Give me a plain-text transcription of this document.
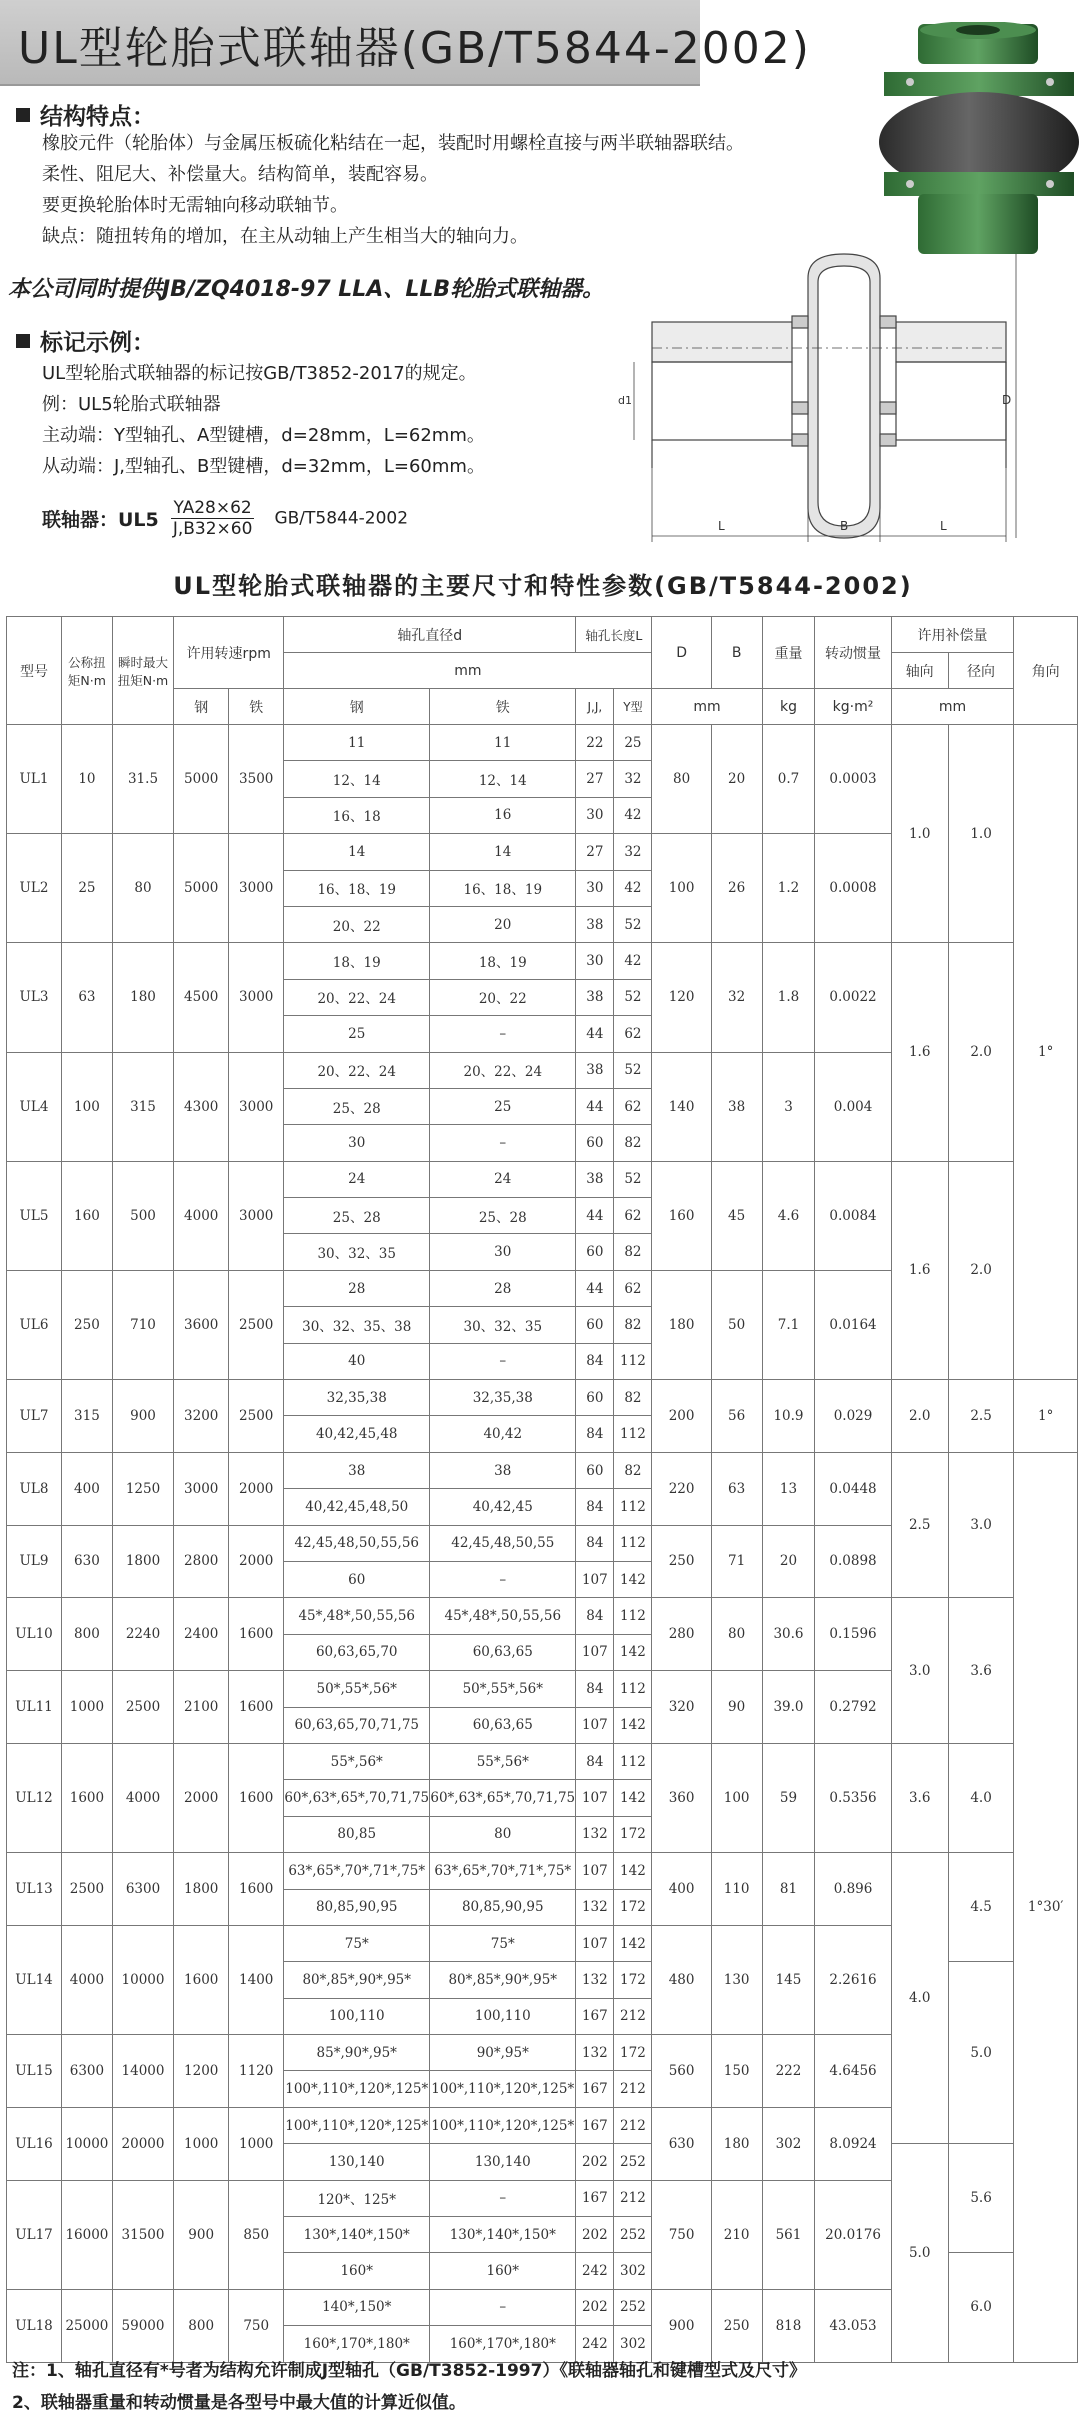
UL型轮胎式联轴器(GB/T5844-2002)
结构特点：
橡胶元件（轮胎体）与金属压板硫化粘结在一起，装配时用螺栓直接与两半联轴器联结。
柔性、阻尼大、补偿量大。结构简单，装配容易。
要更换轮胎体时无需轴向移动联轴节。
缺点：随扭转角的增加，在主从动轴上产生相当大的轴向力。
本公司同时提供JB/ZQ4018-97 LLA、LLB轮胎式联轴器。
标记示例：
UL型轮胎式联轴器的标记按GB/T3852-2017的规定。
例：UL5轮胎式联轴器
主动端：Y型轴孔、A型键槽，d=28mm，L=62mm。
从动端：J,型轴孔、B型键槽，d=32mm，L=60mm。
联轴器：$UL5 \frac{YA28\times 62}{J,B32\times 60} GB/T5844-2002$	L	B	L
d1	D
UL型轮胎式联轴器的主要尺寸和特性参数(GB/T5844-2002)
型号	公称扭矩N·m	瞬时最大扭矩N·m	许用转速rpm		轴孔直径d		轴孔长度L		D	B	重量	转动惯量	许用补偿量		角向
					mm								轴向	径向	
			钢	铁	钢	铁	J,J,	Y型	mm		kg	kg·m²	mm		
UL1	10	31.5	5000	3500	11	11	22	25	80	20	0.7	0.0003	1.0	1.0	1°
					12、14	12、14	27	32							
					16、18	16	30	42							
UL2	25	80	5000	3000	14	14	27	32	100	26	1.2	0.0008			
					16、18、19	16、18、19	30	42							
					20、22	20	38	52							
UL3	63	180	4500	3000	18、19	18、19	30	42	120	32	1.8	0.0022	1.6	2.0	
					20、22、24	20、22	38	52							
					25	–	44	62							
UL4	100	315	4300	3000	20、22、24	20、22、24	38	52	140	38	3	0.004			
					25、28	25	44	62							
					30	–	60	82							
UL5	160	500	4000	3000	24	24	38	52	160	45	4.6	0.0084	1.6	2.0	
					25、28	25、28	44	62							
					30、32、35	30	60	82							
UL6	250	710	3600	2500	28	28	44	62	180	50	7.1	0.0164			
					30、32、35、38	30、32、35	60	82							
					40	–	84	112							
UL7	315	900	3200	2500	32,35,38	32,35,38	60	82	200	56	10.9	0.029	2.0	2.5	1°
					40,42,45,48	40,42	84	112							
UL8	400	1250	3000	2000	38	38	60	82	220	63	13	0.0448	2.5	3.0	1°30′
					40,42,45,48,50	40,42,45	84	112							
UL9	630	1800	2800	2000	42,45,48,50,55,56	42,45,48,50,55	84	112	250	71	20	0.0898			
					60	–	107	142							
UL10	800	2240	2400	1600	45*,48*,50,55,56	45*,48*,50,55,56	84	112	280	80	30.6	0.1596	3.0	3.6	
					60,63,65,70	60,63,65	107	142							
UL11	1000	2500	2100	1600	50*,55*,56*	50*,55*,56*	84	112	320	90	39.0	0.2792			
					60,63,65,70,71,75	60,63,65	107	142							
UL12	1600	4000	2000	1600	55*,56*	55*,56*	84	112	360	100	59	0.5356	3.6	4.0	
					60*,63*,65*,70,71,75	60*,63*,65*,70,71,75	107	142							
					80,85	80	132	172							
UL13	2500	6300	1800	1600	63*,65*,70*,71*,75*	63*,65*,70*,71*,75*	107	142	400	110	81	0.896	4.0	4.5	
					80,85,90,95	80,85,90,95	132	172							
UL14	4000	10000	1600	1400	75*	75*	107	142	480	130	145	2.2616			
					80*,85*,90*,95*	80*,85*,90*,95*	132	172						5.0	
					100,110	100,110	167	212							
UL15	6300	14000	1200	1120	85*,90*,95*	90*,95*	132	172	560	150	222	4.6456			
					100*,110*,120*,125*	100*,110*,120*,125*	167	212							
UL16	10000	20000	1000	1000	100*,110*,120*,125*	100*,110*,120*,125*	167	212	630	180	302	8.0924			
					130,140	130,140	202	252					5.0	5.6	
UL17	16000	31500	900	850	120*、125*	–	167	212	750	210	561	20.0176			
					130*,140*,150*	130*,140*,150*	202	252							
					160*	160*	242	302						6.0	
UL18	25000	59000	800	750	140*,150*	–	202	252	900	250	818	43.053			
					160*,170*,180*	160*,170*,180*	242	302							
注：1、轴孔直径有*号者为结构允许制成J型轴孔（GB/T3852-1997）《联轴器轴孔和键槽型式及尺寸》
2、联轴器重量和转动惯量是各型号中最大值的计算近似值。
